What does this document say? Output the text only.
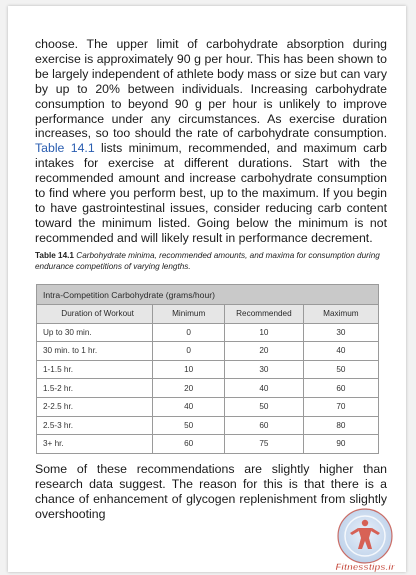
choose. The upper limit of carbohydrate absorption during exercise is approximately 90 g per hour. This has been shown to be largely independent of athlete body mass or size but can vary by up to 20% between individuals. Increasing carbohydrate consumption to beyond 90 g per hour is unlikely to improve performance under any circumstances. As exercise duration increases, so too should the rate of carbohydrate consumption. Table 14.1 lists minimum, recommended, and maximum carb intakes for exercise at different durations. Start with the recommended amount and increase carbohydrate consumption to find where you perform best, up to the maximum. If you begin to have gastrointestinal issues, consider reducing carb content toward the minimum listed. Going below the minimum is not recommended and will likely result in performance decrement.

Table 14.1 Carbohydrate minima, recommended amounts, and maxima for consumption during endurance competitions of varying lengths.
Intra-Competition Carbohydrate (grams/hour)			
Duration of Workout	Minimum	Recommended	Maximum
Up to 30 min.	0	10	30
30 min. to 1 hr.	0	20	40
1-1.5 hr.	10	30	50
1.5-2 hr.	20	40	60
2-2.5 hr.	40	50	70
2.5-3 hr.	50	60	80
3+ hr.	60	75	90

Some of these recommendations are slightly higher than research data suggest. The reason for this is that there is a chance of enhancement of glycogen replenishment from slightly overshooting

Fitnesstips.ir
